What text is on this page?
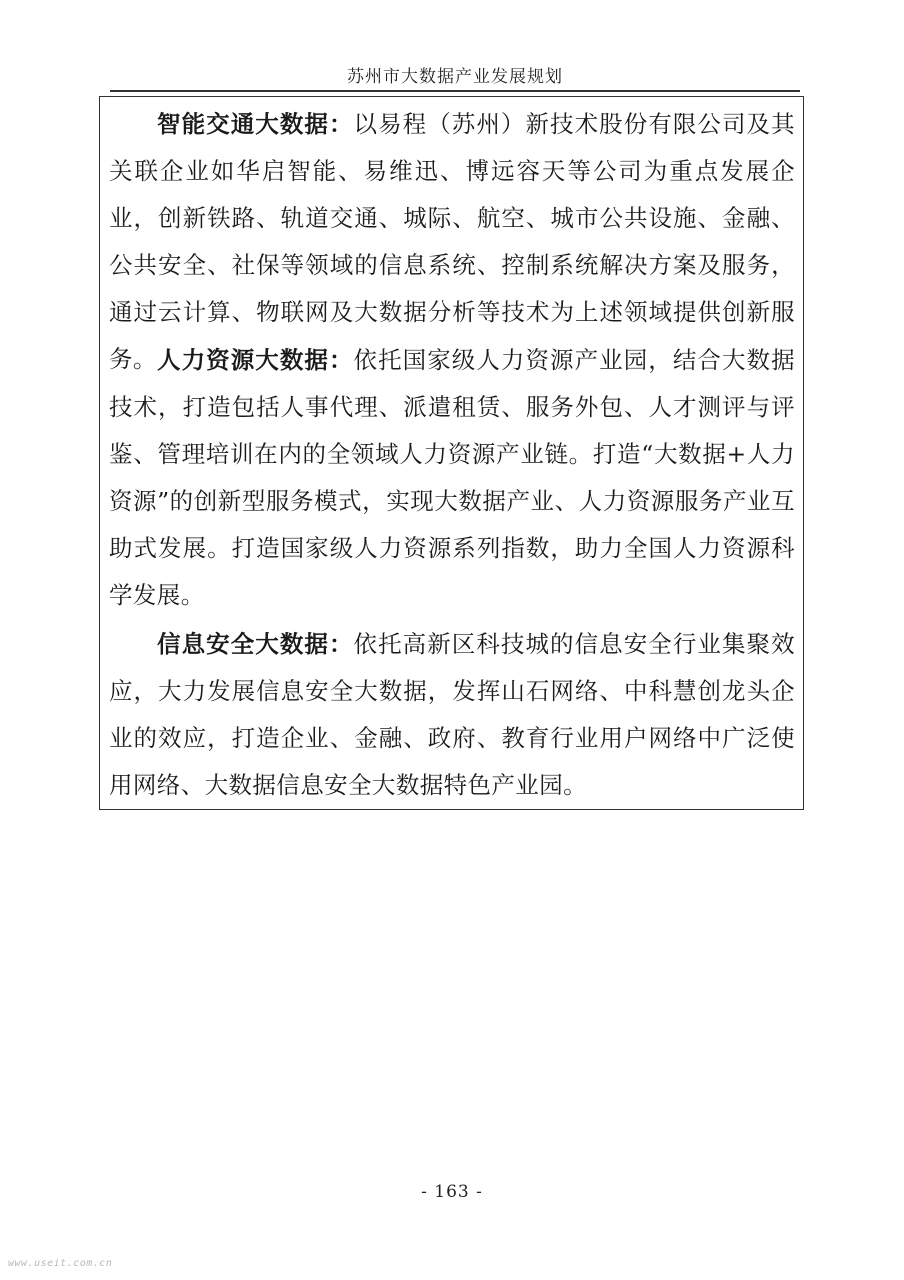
苏州市大数据产业发展规划

智能交通大数据：以易程（苏州）新技术股份有限公司及其关联企业如华启智能、易维迅、博远容天等公司为重点发展企业，创新铁路、轨道交通、城际、航空、城市公共设施、金融、公共安全、社保等领域的信息系统、控制系统解决方案及服务，通过云计算、物联网及大数据分析等技术为上述领域提供创新服务。 人力资源大数据：依托国家级人力资源产业园，结合大数据技术，打造包括人事代理、派遣租赁、服务外包、人才测评与评鉴、管理培训在内的全领域人力资源产业链。打造“大数据+人力资源”的创新型服务模式，实现大数据产业、人力资源服务产业互助式发展。打造国家级人力资源系列指数，助力全国人力资源科学发展。

信息安全大数据：依托高新区科技城的信息安全行业集聚效应，大力发展信息安全大数据，发挥山石网络、中科慧创龙头企业的效应，打造企业、金融、政府、教育行业用户网络中广泛使用网络、大数据信息安全大数据特色产业园。

- 163 -
www.useit.com.cn
